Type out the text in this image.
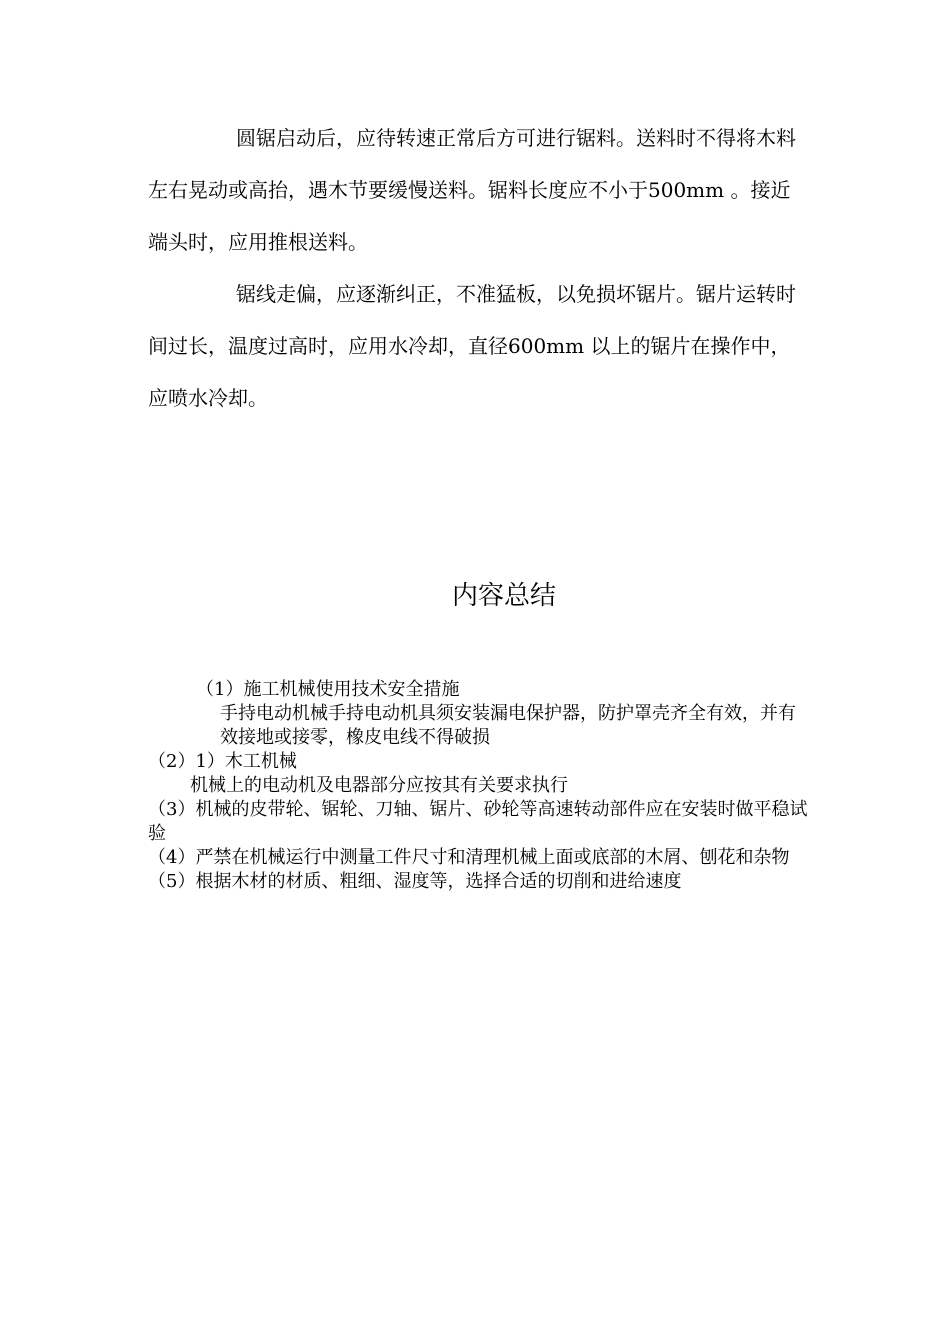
圆锯启动后，应待转速正常后方可进行锯料。送料时不得将木料左右晃动或高抬，遇木节要缓慢送料。锯料长度应不小于500mm 。接近端头时，应用推根送料。

锯线走偏，应逐渐纠正，不准猛板，以免损坏锯片。锯片运转时间过长，温度过高时，应用水冷却，直径600mm 以上的锯片在操作中，应喷水冷却。

内容总结

（1）施工机械使用技术安全措施

手持电动机械手持电动机具须安装漏电保护器，防护罩壳齐全有效，并有效接地或接零，橡皮电线不得破损

（2）1）木工机械

机械上的电动机及电器部分应按其有关要求执行

（3）机械的皮带轮、锯轮、刀轴、锯片、砂轮等高速转动部件应在安装时做平稳试验

（4）严禁在机械运行中测量工件尺寸和清理机械上面或底部的木屑、刨花和杂物

（5）根据木材的材质、粗细、湿度等，选择合适的切削和进给速度
